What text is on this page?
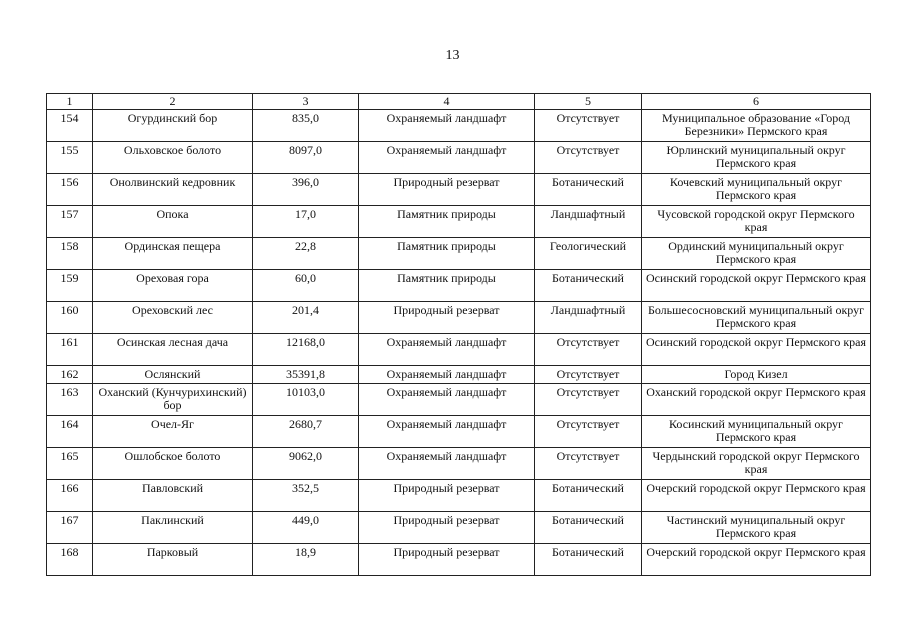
13
1	2	3	4	5	6
154	Огурдинский бор	835,0	Охраняемый ландшафт	Отсутствует	Муниципальное образование «Город Березники» Пермского края
155	Ольховское болото	8097,0	Охраняемый ландшафт	Отсутствует	Юрлинский муниципальный округ Пермского края
156	Онолвинский кедровник	396,0	Природный резерват	Ботанический	Кочевский муниципальный округ Пермского края
157	Опока	17,0	Памятник природы	Ландшафтный	Чусовской городской округ Пермского края
158	Ординская пещера	22,8	Памятник природы	Геологический	Ординский муниципальный округ Пермского края
159	Ореховая гора	60,0	Памятник природы	Ботанический	Осинский городской округ Пермского края
160	Ореховский лес	201,4	Природный резерват	Ландшафтный	Большесосновский муниципальный округ Пермского края
161	Осинская лесная дача	12168,0	Охраняемый ландшафт	Отсутствует	Осинский городской округ Пермского края
162	Ослянский	35391,8	Охраняемый ландшафт	Отсутствует	Город Кизел
163	Оханский (Кунчурихинский) бор	10103,0	Охраняемый ландшафт	Отсутствует	Оханский городской округ Пермского края
164	Очел-Яг	2680,7	Охраняемый ландшафт	Отсутствует	Косинский муниципальный округ Пермского края
165	Ошлобское болото	9062,0	Охраняемый ландшафт	Отсутствует	Чердынский городской округ Пермского края
166	Павловский	352,5	Природный резерват	Ботанический	Очерский городской округ Пермского края
167	Паклинский	449,0	Природный резерват	Ботанический	Частинский муниципальный округ Пермского края
168	Парковый	18,9	Природный резерват	Ботанический	Очерский городской округ Пермского края
